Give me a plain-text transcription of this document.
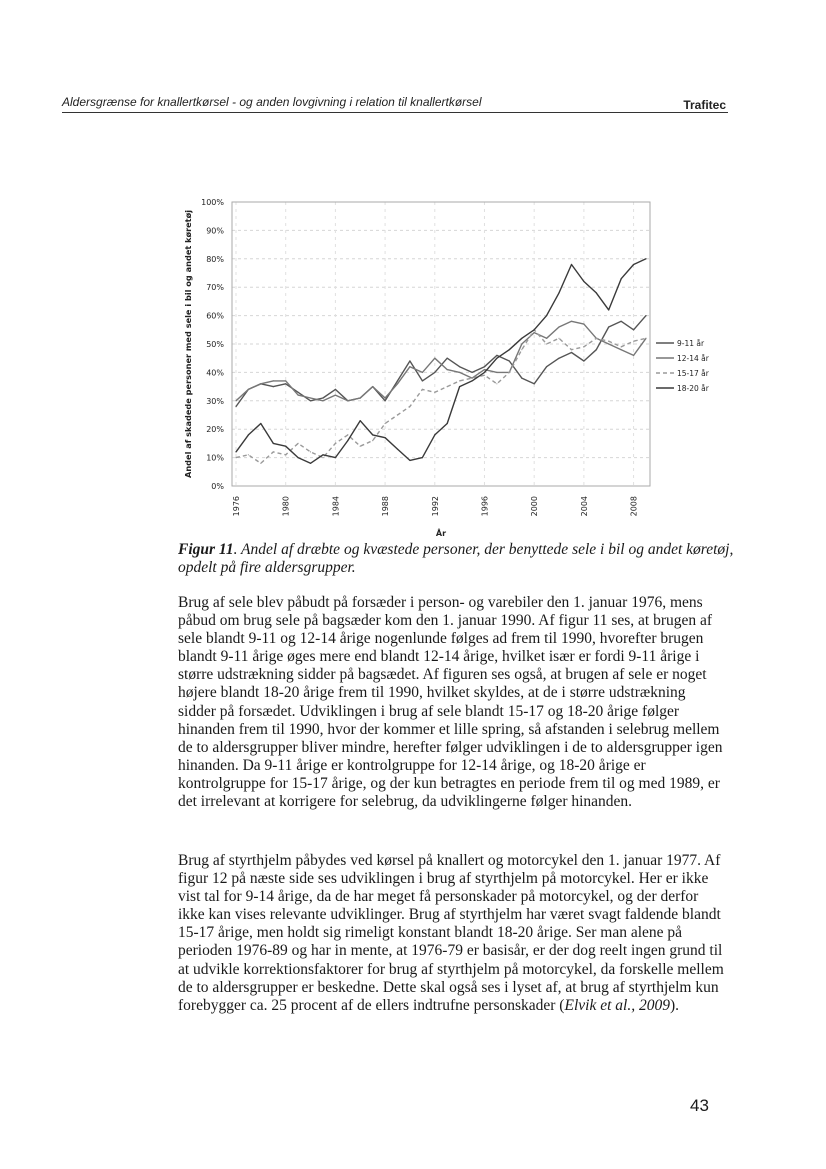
Aldersgrænse for knallertkørsel - og anden lovgivning i relation til knallertkørsel	Trafitec
0%
10%
20%
30%
40%
50%
60%
70%
80%
90%
100%
1976	1980	1984	1988	1992	1996	2000	2004	2008
9-11 år
12-14 år
15-17 år
18-20 år
År
Andel af skadede personer med sele i bil og andet køretøj
Figur 11. Andel af dræbte og kvæstede personer, der benyttede sele i bil og andet køretøj, opdelt på fire aldersgrupper.

Brug af sele blev påbudt på forsæder i person- og varebiler den 1. januar 1976, mens påbud om brug sele på bagsæder kom den 1. januar 1990. Af figur 11 ses, at brugen af sele blandt 9-11 og 12-14 årige nogenlunde følges ad frem til 1990, hvorefter brugen blandt 9-11 årige øges mere end blandt 12-14 årige, hvilket især er fordi 9-11 årige i større udstrækning sidder på bagsædet. Af figuren ses også, at brugen af sele er noget højere blandt 18-20 årige frem til 1990, hvilket skyldes, at de i større udstrækning sidder på forsædet. Udviklingen i brug af sele blandt 15-17 og 18-20 årige følger hinanden frem til 1990, hvor der kommer et lille spring, så afstanden i selebrug mellem de to aldersgrupper bliver mindre, herefter følger udviklingen i de to aldersgrupper igen hinanden. Da 9-11 årige er kontrolgruppe for 12-14 årige, og 18-20 årige er kontrolgruppe for 15-17 årige, og der kun betragtes en periode frem til og med 1989, er det irrelevant at korrigere for selebrug, da udviklingerne følger hinanden.

Brug af styrthjelm påbydes ved kørsel på knallert og motorcykel den 1. januar 1977. Af figur 12 på næste side ses udviklingen i brug af styrthjelm på motorcykel. Her er ikke vist tal for 9-14 årige, da de har meget få personskader på motorcykel, og der derfor ikke kan vises relevante udviklinger. Brug af styrthjelm har været svagt faldende blandt 15-17 årige, men holdt sig rimeligt konstant blandt 18-20 årige. Ser man alene på perioden 1976-89 og har in mente, at 1976-79 er basisår, er der dog reelt ingen grund til at udvikle korrektionsfaktorer for brug af styrthjelm på motorcykel, da forskelle mellem de to aldersgrupper er beskedne. Dette skal også ses i lyset af, at brug af styrthjelm kun forebygger ca. 25 procent af de ellers indtrufne personskader (Elvik et al., 2009).

43
